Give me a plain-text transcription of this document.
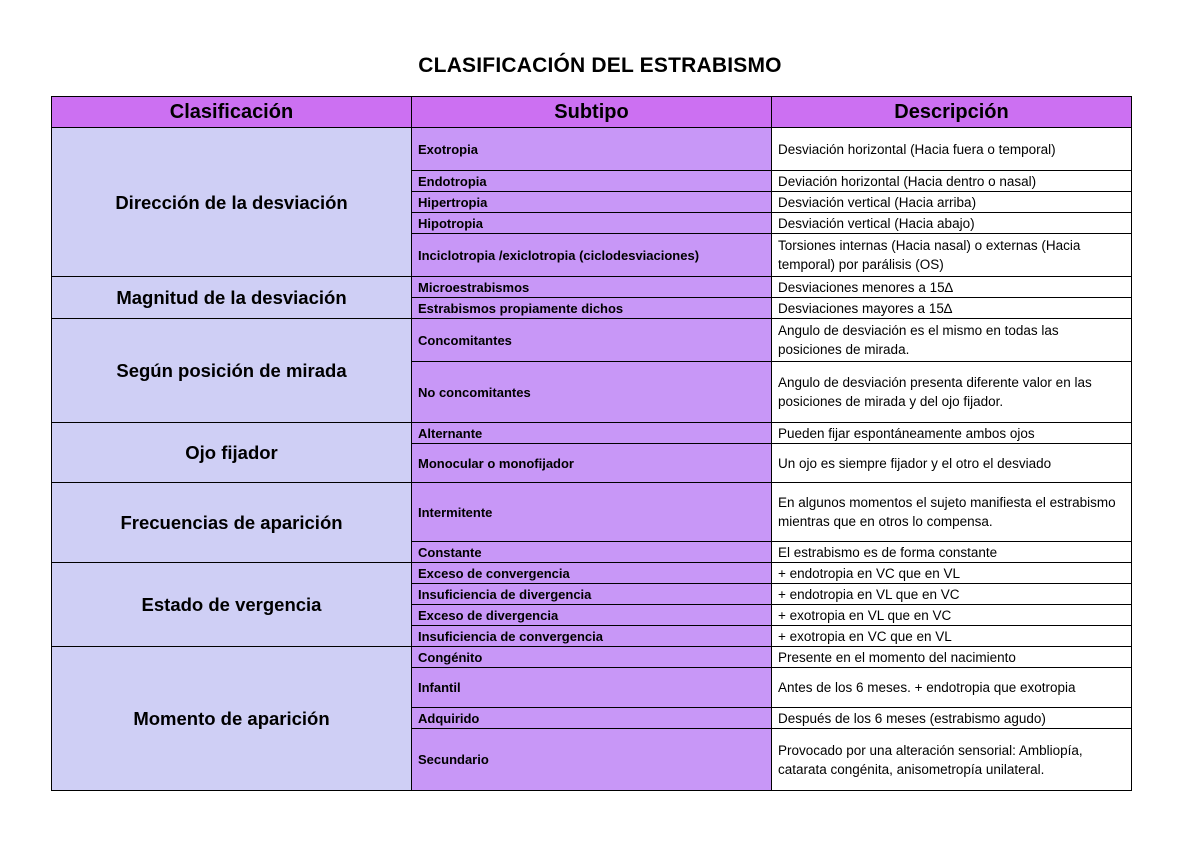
CLASIFICACIÓN DEL ESTRABISMO
Clasificación	Subtipo	Descripción
Dirección de la desviación	Exotropia	Desviación horizontal (Hacia fuera o temporal)
	Endotropia	Deviación horizontal (Hacia dentro o nasal)
	Hipertropia	Desviación vertical (Hacia arriba)
	Hipotropia	Desviación vertical (Hacia abajo)
	Inciclotropia /exiclotropia (ciclodesviaciones)	Torsiones internas (Hacia nasal) o externas (Hacia temporal) por parálisis (OS)
Magnitud de la desviación	Microestrabismos	Desviaciones menores a 15∆
	Estrabismos propiamente dichos	Desviaciones mayores a 15∆
Según posición de mirada	Concomitantes	Angulo de desviación es el mismo en todas las posiciones de mirada.
	No concomitantes	Angulo de desviación presenta diferente valor en las posiciones de mirada y del ojo fijador.
Ojo fijador	Alternante	Pueden fijar espontáneamente ambos ojos
	Monocular o monofijador	Un ojo es siempre fijador y el otro el desviado
Frecuencias de aparición	Intermitente	En algunos momentos el sujeto manifiesta el estrabismo mientras que en otros lo compensa.
	Constante	El estrabismo es de forma constante
Estado de vergencia	Exceso de convergencia	+ endotropia en VC que en VL
	Insuficiencia de divergencia	+ endotropia en VL que en VC
	Exceso de divergencia	+ exotropia en VL que en VC
	Insuficiencia de convergencia	+ exotropia en VC que en VL
Momento de aparición	Congénito	Presente en el momento del nacimiento
	Infantil	Antes de los 6 meses. + endotropia que exotropia
	Adquirido	Después de los 6 meses (estrabismo agudo)
	Secundario	Provocado por una alteración sensorial: Ambliopía, catarata congénita, anisometropía unilateral.
